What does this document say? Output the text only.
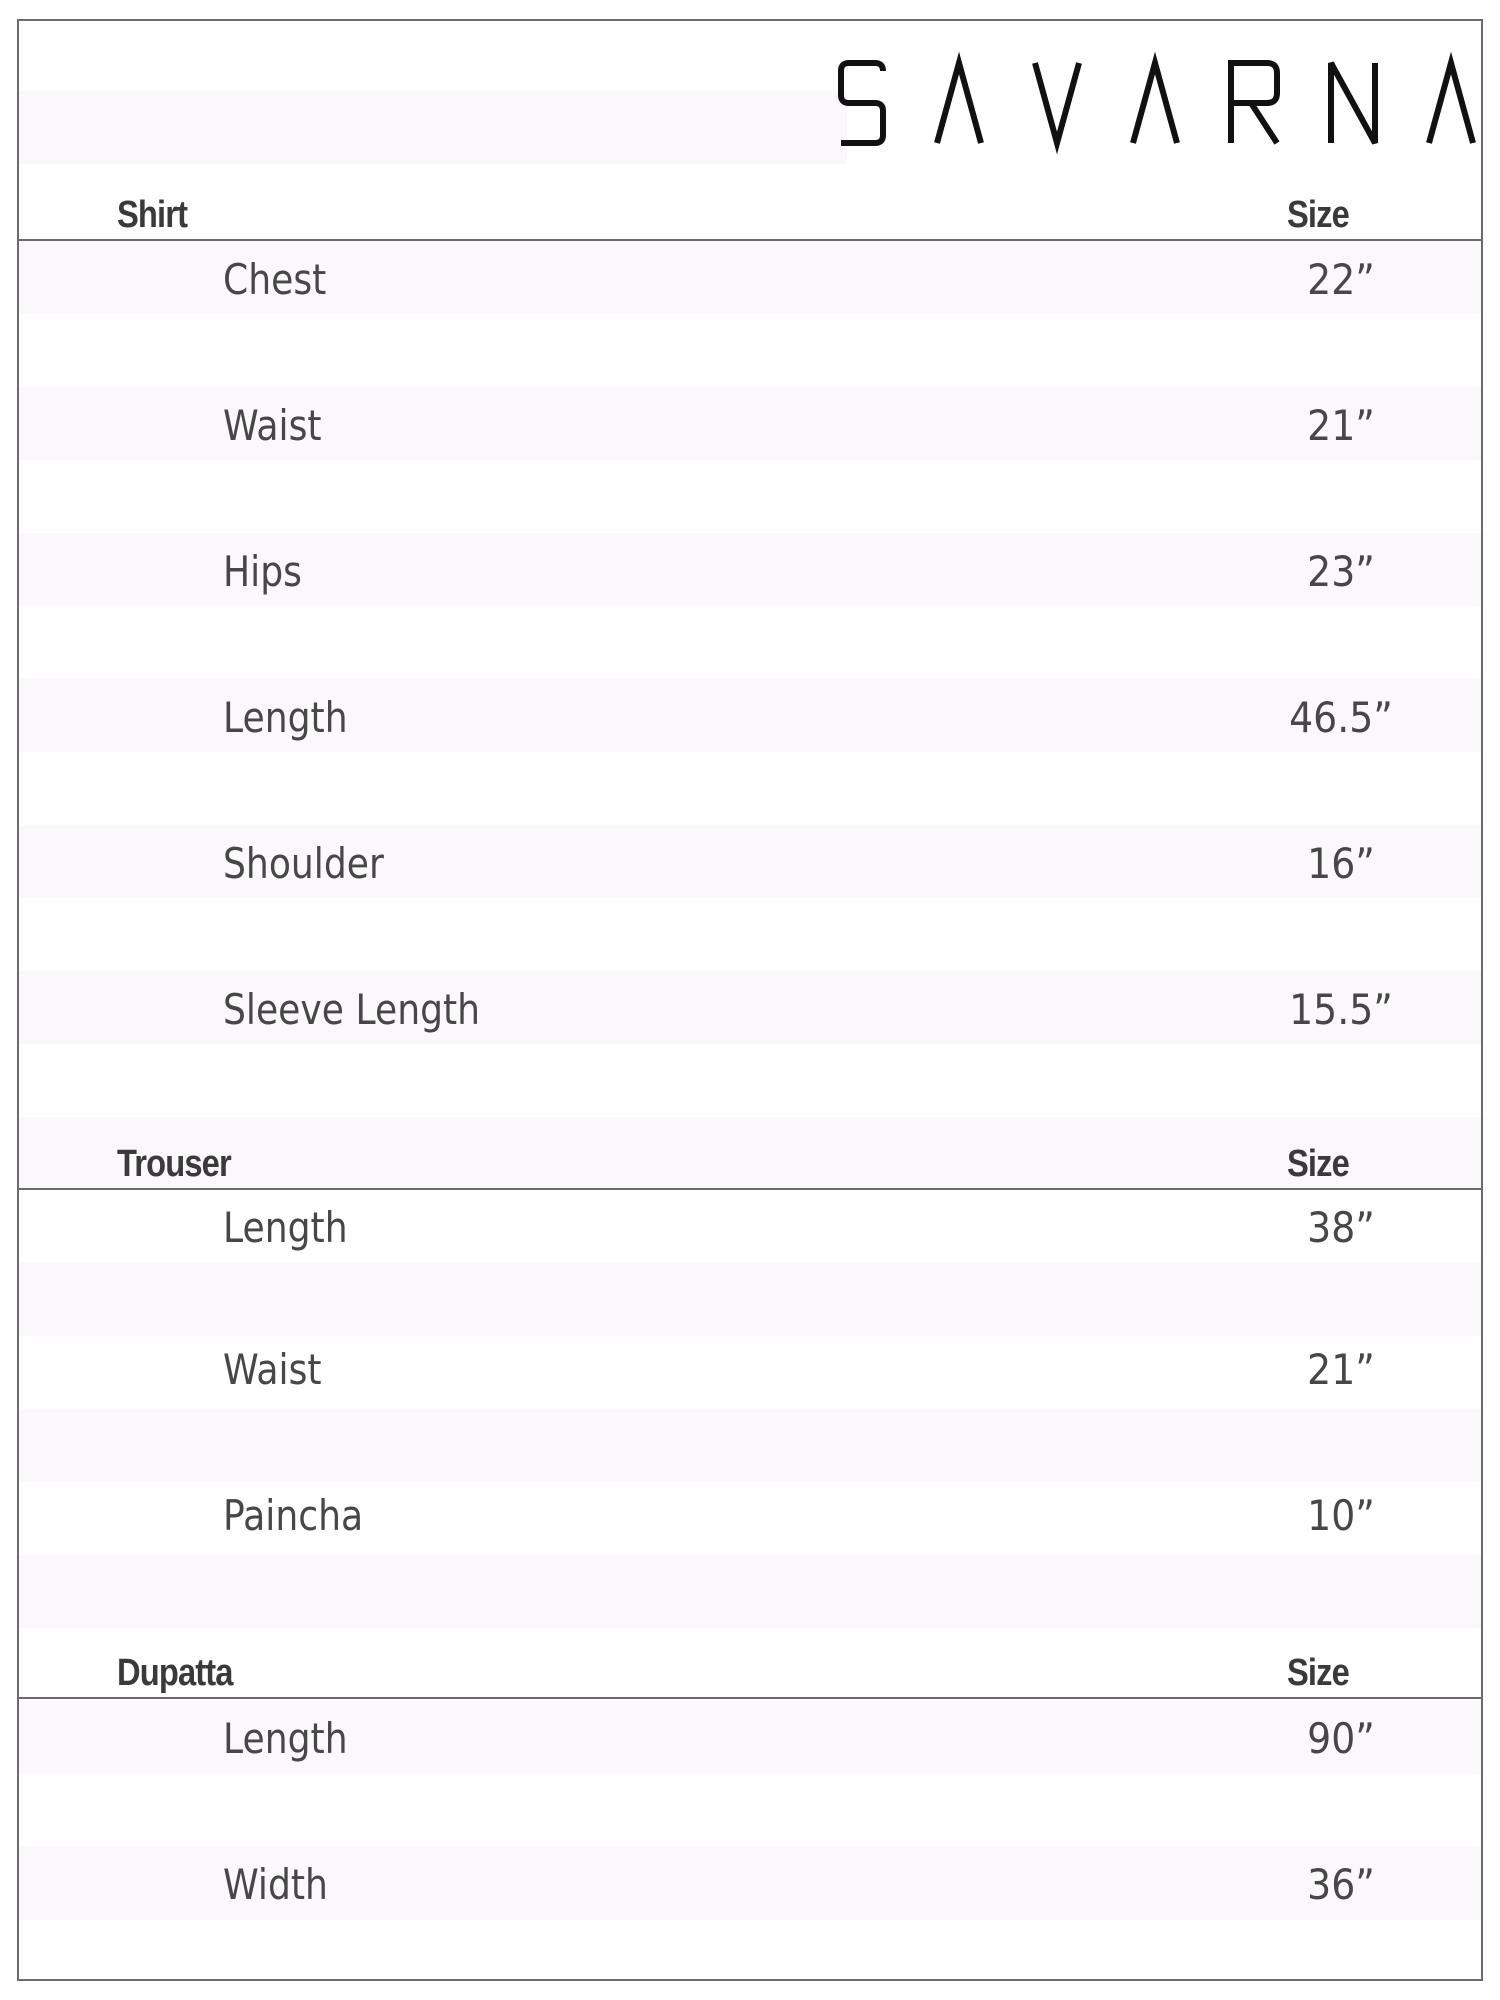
Shirt	Size
Chest	22”
Waist	21”
Hips	23”
Length	46.5”
Shoulder	16”
Sleeve Length	15.5”
Trouser	Size
Length	38”
Waist	21”
Paincha	10”
Dupatta	Size
Length	90”
Width	36”
